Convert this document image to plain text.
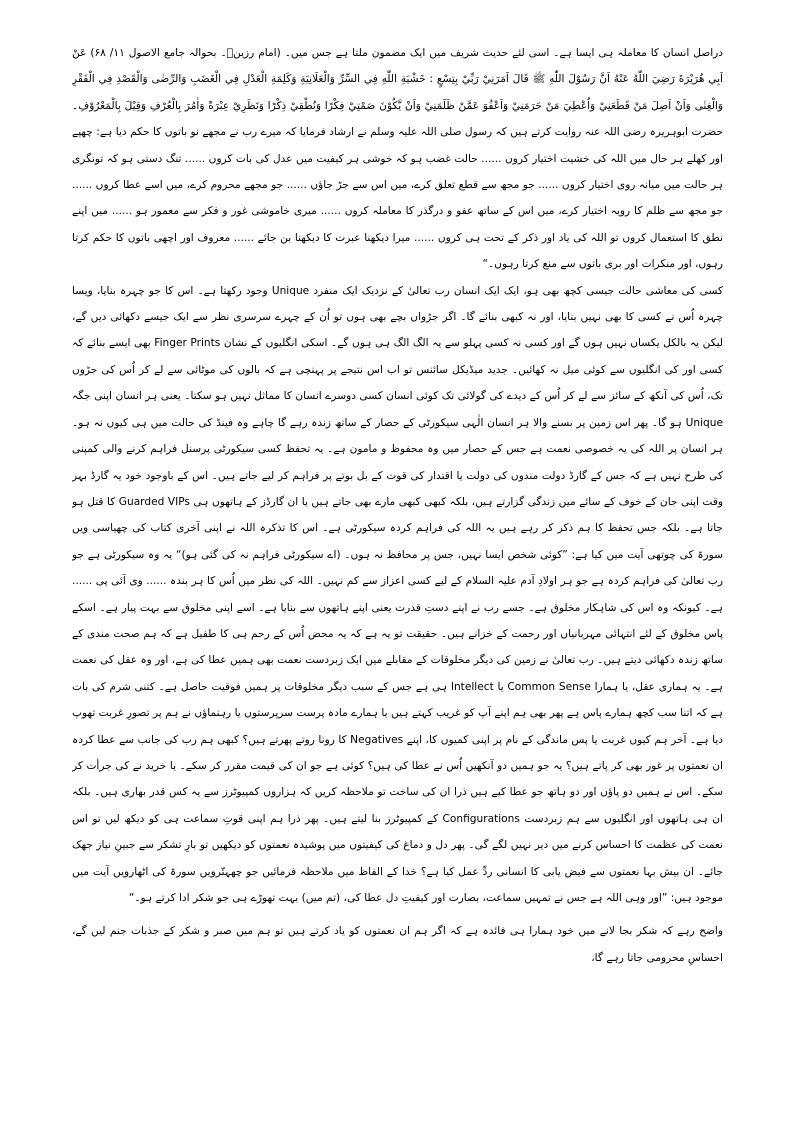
دراصل انسان کا معاملہ ہی ایسا ہے۔ اسی لئے حدیث شریف میں ایک مضمون ملتا ہے جس میں۔ (امام رزینؒ۔ بحوالہ جامع الاصول ۱۱/ ۶۸) عَنْ اَبِي هُرَيْرَةَ رَضِيَ اللّٰهُ عَنْهُ اَنَّ رَسُوْلَ اللّٰهِ ﷺ قَالَ اَمَرَنِيْ رَبِّيْ بِتِسْعٍ : خَشْيَةِ اللّٰهِ فِي السِّرِّ وَالْعَلَانِيَةِ وَكَلِمَةِ الْعَدْلِ فِي الْغَضَبِ وَالرِّضٰى وَالْقَصْدِ فِي الْفَقْرِ وَالْغِنٰى وَاَنْ اَصِلَ مَنْ قَطَعَنِيْ وَاُعْطِيَ مَنْ حَرَمَنِيْ وَاَعْفُوَ عَمَّنْ ظَلَمَنِيْ وَاَنْ يَّكُوْنَ صَمْتِيْ فِكْرًا وَنُطْقِيْ ذِكْرًا وَنَظَرِيْ عِبْرَةً وَاٰمُرَ بِالْعُرْفِ وَقِيْلَ بِالْمَعْرُوْفِ۔ حضرت ابوہریرہ رضی اللہ عنہ روایت کرتے ہیں کہ رسول صلی اللہ علیہ وسلم نے ارشاد فرمایا کہ میرے رب نے مجھے نو باتوں کا حکم دیا ہے: چھپے اور کھلے ہر حال میں اللہ کی خشیت اختیار کروں ...... حالت غضب ہو کہ خوشی ہر کیفیت میں عدل کی بات کروں ...... تنگ دستی ہو کہ تونگری ہر حالت میں میانہ روی اختیار کروں ...... جو مجھ سے قطع تعلق کرے، میں اس سے جڑ جاؤں ...... جو مجھے محروم کرے، میں اسے عطا کروں ...... جو مجھ سے ظلم کا رویہ اختیار کرے، میں اس کے ساتھ عفو و درگذر کا معاملہ کروں ...... میری خاموشی غور و فکر سے معمور ہو ...... میں اپنے نطق کا استعمال کروں تو اللہ کی یاد اور ذکر کے تحت ہی کروں ...... میرا دیکھنا عبرت کا دیکھنا بن جائے ...... معروف اور اچھی باتوں کا حکم کرتا رہوں، اور منکرات اور بری باتوں سے منع کرتا رہوں۔“

کسی کی معاشی حالت جیسی کچھ بھی ہو، ایک ایک انسان رب تعالیٰ کے نزدیک ایک منفرد Unique وجود رکھتا ہے۔ اس کا جو چہرہ بنایا، ویسا چہرہ اُس نے کسی کا بھی نہیں بنایا، اور نہ کبھی بنائے گا۔ اگر جڑواں بچے بھی ہوں تو اُن کے چہرے سرسری نظر سے ایک جیسے دکھائی دیں گے، لیکن یہ بالکل یکساں نہیں ہوں گے اور کسی نہ کسی پہلو سے یہ الگ الگ ہی ہوں گے۔ اسکی انگلیوں کے نشان Finger Prints بھی ایسے بنائے کہ کسی اور کی انگلیوں سے کوئی میل نہ کھائیں۔ جدید میڈیکل سائنس تو اب اس نتیجے پر پہنچی ہے کہ بالوں کی موٹائی سے لے کر اُس کی جڑوں تک، اُس کی آنکھ کے سائز سے لے کر اُس کے دیدے کی گولائی تک کوئی انسان کسی دوسرے انسان کا مماثل نہیں ہو سکتا۔ یعنی ہر انسان اپنی جگہ Unique ہو گا۔ پھر اس زمین پر بسنے والا ہر انسان الٰہی سیکورٹی کے حصار کے ساتھ زندہ رہے گا چاہے وہ فینڈ کی حالت میں ہی کیوں نہ ہو۔ ہر انسان پر اللہ کی یہ خصوصی نعمت ہے جس کے حصار میں وہ محفوظ و مامون ہے۔ یہ تحفظ کسی سیکورٹی پرسنل فراہم کرنے والی کمپنی کی طرح نہیں ہے کہ جس کے گارڈ دولت مندوں کی دولت یا اقتدار کی قوت کے بل بوتے پر فراہم کر لیے جاتے ہیں۔ اس کے باوجود خود یہ گارڈ بہر وقت اپنی جان کے خوف کے سائے میں زندگی گزارتے ہیں، بلکہ کبھی کبھی مارے بھی جاتے ہیں یا ان گارڈز کے ہاتھوں ہی Guarded VIPs کا قتل ہو جاتا ہے۔ بلکہ جس تحفظ کا ہم ذکر کر رہے ہیں یہ اللہ کی فراہم کردہ سیکورٹی ہے۔ اس کا تذکرہ اللہ نے اپنی آخری کتاب کی چھیاسی ویں سورۃ کی چوتھی آیت میں کیا ہے: ”کوئی شخص ایسا نہیں، جس پر محافظ نہ ہوں۔ (اے سیکورٹی فراہم نہ کی گئی ہو)“ یہ وہ سیکورٹی ہے جو رب تعالیٰ کی فراہم کردہ ہے جو ہر اولادِ آدم علیہ السلام کے لیے کسی اعزاز سے کم نہیں۔ اللہ کی نظر میں اُس کا ہر بندہ ...... وی آئی پی ...... ہے۔ کیونکہ وہ اس کی شاہکار مخلوق ہے۔ جسے رب نے اپنے دستِ قدرت یعنی اپنے ہاتھوں سے بنایا ہے۔ اسے اپنی مخلوق سے بہت پیار ہے۔ اسکے پاس مخلوق کے لئے انتہائی مہربانیاں اور رحمت کے خزانے ہیں۔ حقیقت تو یہ ہے کہ یہ محض اُس کے رحم ہی کا طفیل ہے کہ ہم صحت مندی کے ساتھ زندہ دکھائی دیتے ہیں۔ رب تعالیٰ نے زمین کی دیگر مخلوقات کے مقابلے میں ایک زبردست نعمت بھی ہمیں عطا کی ہے، اور وہ عقل کی نعمت ہے۔ یہ ہماری عقل، یا ہمارا Common Sense یا Intellect ہی ہے جس کے سبب دیگر مخلوقات پر ہمیں فوقیت حاصل ہے۔ کتنی شرم کی بات ہے کہ اتنا سب کچھ ہمارے پاس ہے پھر بھی ہم اپنے آپ کو غریب کہتے ہیں یا ہمارے مادہ پرست سرپرستوں یا رہنماؤں نے ہم پر تصورِ غربت تھوپ دیا ہے۔ آخر ہم کیوں غربت یا پس ماندگی کے نام پر اپنی کمیوں کا، اپنے Negatives کا رونا روتے پھرتے ہیں؟ کبھی ہم رب کی جانب سے عطا کردہ ان نعمتوں پر غور بھی کر پاتے ہیں؟ یہ جو ہمیں دو آنکھیں اُس نے عطا کی ہیں؟ کوئی ہے جو ان کی قیمت مقرر کر سکے۔ یا خرید نے کی جرأت کر سکے۔ اس نے ہمیں دو پاؤں اور دو ہاتھ جو عطا کیے ہیں ذرا ان کی ساخت تو ملاحظہ کریں کہ ہزاروں کمپیوٹرز سے یہ کس قدر بھاری ہیں۔ بلکہ ان ہی ہاتھوں اور انگلیوں سے ہم زبردست Configurations کے کمپیوٹرز بنا لیتے ہیں۔ پھر ذرا ہم اپنی قوتِ سماعت ہی کو دیکھ لیں تو اس نعمت کی عظمت کا احساس کرنے میں دیر نہیں لگے گی۔ پھر دل و دماغ کی کیفیتوں میں پوشیدہ نعمتوں کو دیکھیں تو بارِ تشکر سے جبینِ نیاز جھک جائے۔ ان بیش بہا نعمتوں سے فیض یابی کا انسانی ردِّ عمل کیا ہے؟ خدا کے الفاظ میں ملاحظہ فرمائیں جو چھہتّرویں سورۃ کی اٹھارویں آیت میں موجود ہیں: ”اور وہی اللہ ہے جس نے تمہیں سماعت، بصارت اور کیفیتِ دل عطا کی، (تم میں) بہت تھوڑے ہی جو شکر ادا کرتے ہو۔“

واضح رہے کہ شکر بجا لانے میں خود ہمارا ہی فائدہ ہے کہ اگر ہم ان نعمتوں کو یاد کرتے ہیں تو ہم میں صبر و شکر کے جذبات جنم لیں گے، احساسِ محرومی جاتا رہے گا،
